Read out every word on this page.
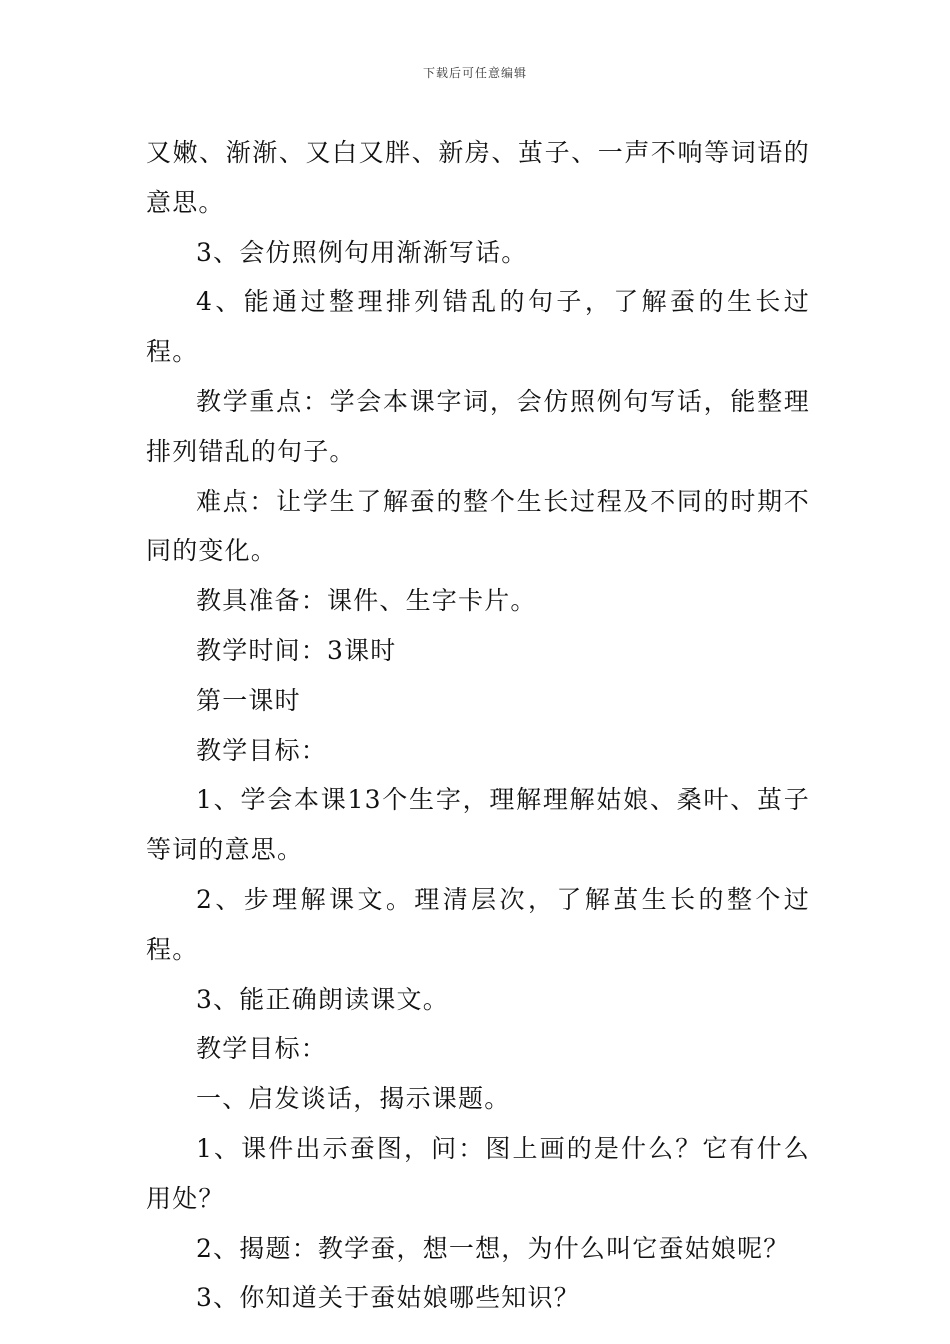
下载后可任意编辑

又嫩、渐渐、又白又胖、新房、茧子、一声不响等词语的意思。

3、会仿照例句用渐渐写话。

4、能通过整理排列错乱的句子，了解蚕的生长过程。

教学重点：学会本课字词，会仿照例句写话，能整理排列错乱的句子。

难点：让学生了解蚕的整个生长过程及不同的时期不同的变化。

教具准备：课件、生字卡片。

教学时间：3课时

第一课时

教学目标：

1、学会本课13个生字，理解理解姑娘、桑叶、茧子等词的意思。

2、步理解课文。理清层次，了解茧生长的整个过程。

3、能正确朗读课文。

教学目标：

一、启发谈话，揭示课题。

1、课件出示蚕图，问：图上画的是什么？它有什么用处？

2、揭题：教学蚕，想一想，为什么叫它蚕姑娘呢？

3、你知道关于蚕姑娘哪些知识？
